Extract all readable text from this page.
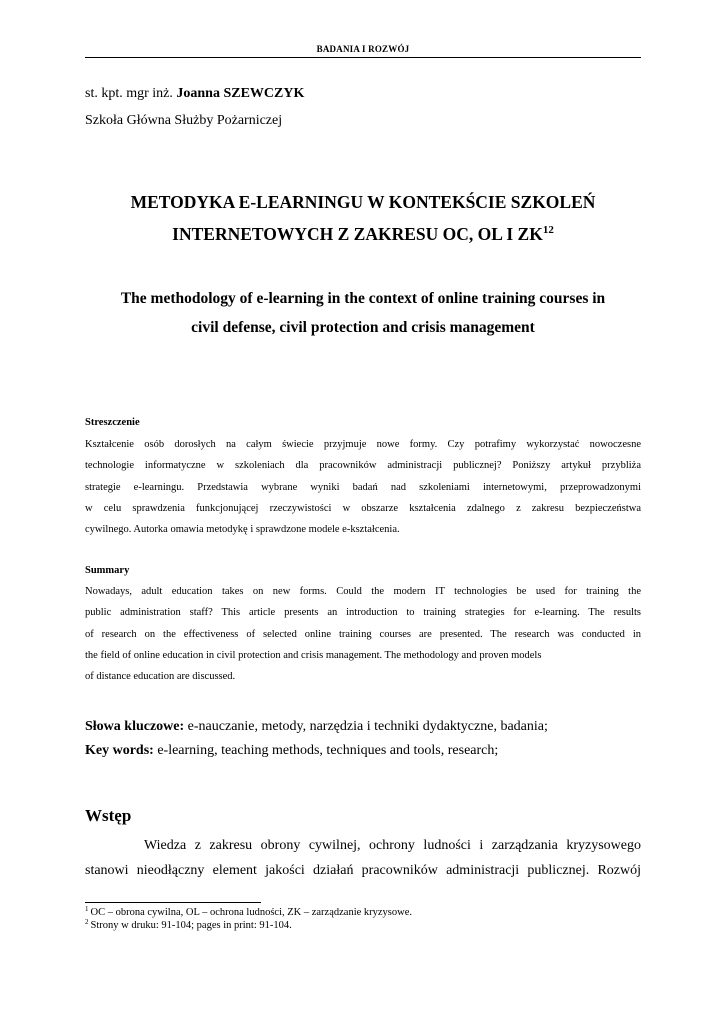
BADANIA I ROZWÓJ
st. kpt. mgr inż. Joanna SZEWCZYK
Szkoła Główna Służby Pożarniczej
METODYKA E-LEARNINGU W KONTEKŚCIE SZKOLEŃ
INTERNETOWYCH Z ZAKRESU OC, OL I ZK$^{12}$
The methodology of e-learning in the context of online training courses in
civil defense, civil protection and crisis management
Streszczenie
Kształcenie osób dorosłych na całym świecie przyjmuje nowe formy. Czy potrafimy wykorzystać nowoczesne
technologie informatyczne w szkoleniach dla pracowników administracji publicznej? Poniższy artykuł przybliża
strategie e-learningu. Przedstawia wybrane wyniki badań nad szkoleniami internetowymi, przeprowadzonymi
w celu sprawdzenia funkcjonującej rzeczywistości w obszarze kształcenia zdalnego z zakresu bezpieczeństwa
cywilnego. Autorka omawia metodykę i sprawdzone modele e-kształcenia.
Summary
Nowadays, adult education takes on new forms. Could the modern IT technologies be used for training the
public administration staff? This article presents an introduction to training strategies for e-learning. The results
of research on the effectiveness of selected online training courses are presented. The research was conducted in
the field of online education in civil protection and crisis management. The methodology and proven models
of distance education are discussed.
Słowa kluczowe: e-nauczanie, metody, narzędzia i techniki dydaktyczne, badania;
Key words: e-learning, teaching methods, techniques and tools, research;
Wstęp
Wiedza z zakresu obrony cywilnej, ochrony ludności i zarządzania kryzysowego
stanowi nieodłączny element jakości działań pracowników administracji publicznej. Rozwój
$^1$ OC – obrona cywilna, OL – ochrona ludności, ZK – zarządzanie kryzysowe.
$^2$ Strony w druku: 91-104; pages in print: 91-104.
